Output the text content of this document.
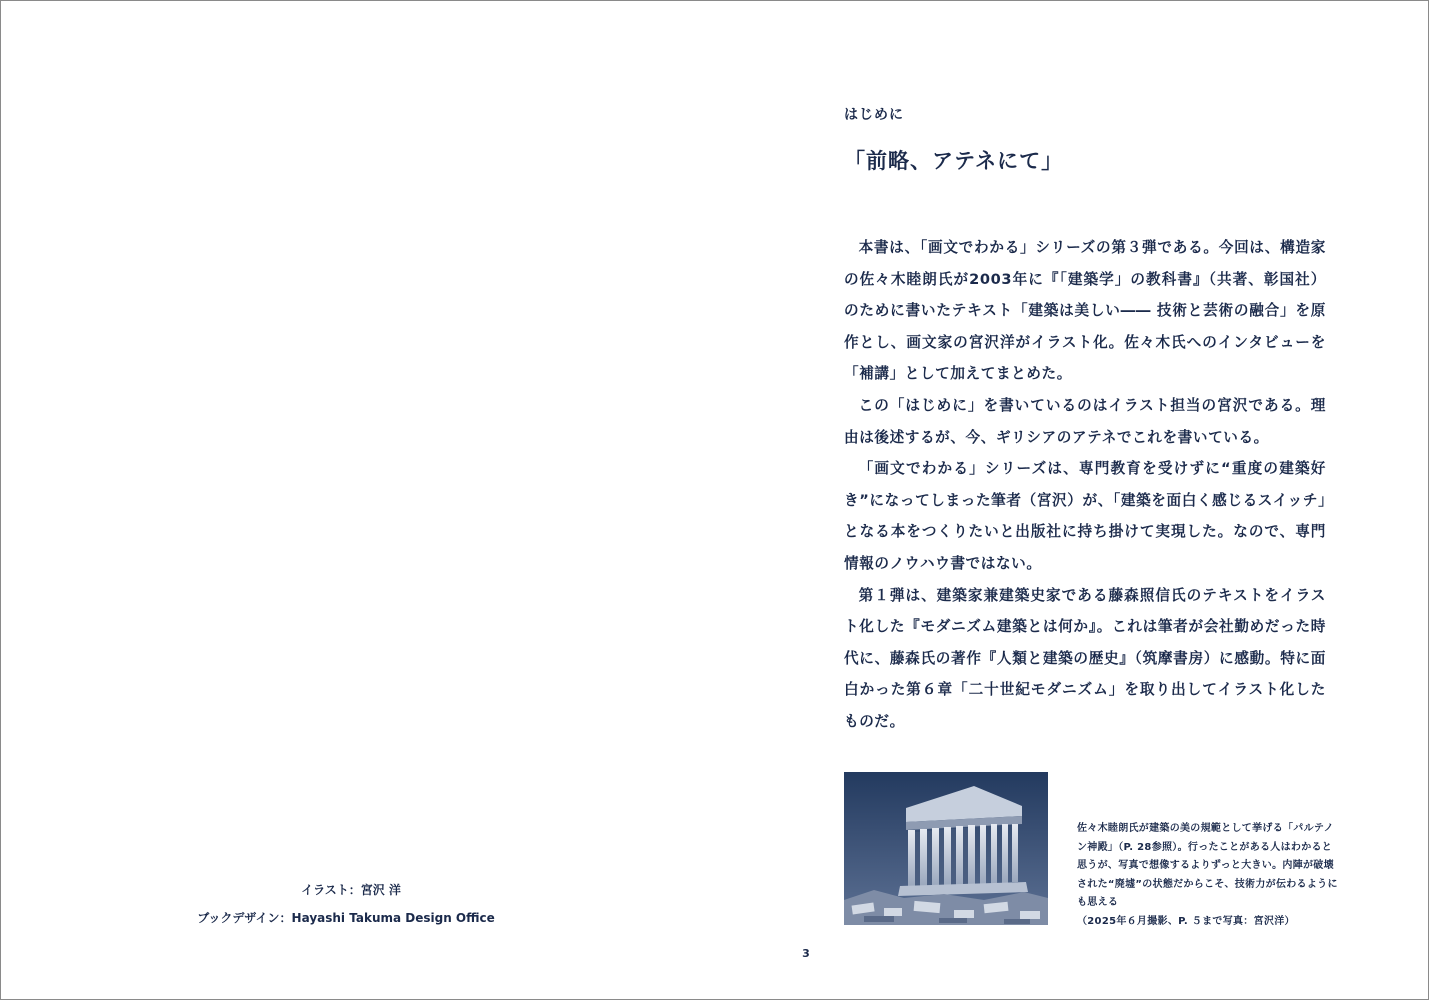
イラスト：宮沢 洋
ブックデザイン：Hayashi Takuma Design Office
はじめに
「前略、アテネにて」

本書は、「画文でわかる」シリーズの第３弾である。今回は、構造家の佐々木睦朗氏が2003年に『「建築学」の教科書』（共著、彰国社）のために書いたテキスト「建築は美しい―― 技術と芸術の融合」を原作とし、画文家の宮沢洋がイラスト化。佐々木氏へのインタビューを「補講」として加えてまとめた。

この「はじめに」を書いているのはイラスト担当の宮沢である。理由は後述するが、今、ギリシアのアテネでこれを書いている。

「画文でわかる」シリーズは、専門教育を受けずに“重度の建築好き”になってしまった筆者（宮沢）が、「建築を面白く感じるスイッチ」となる本をつくりたいと出版社に持ち掛けて実現した。なので、専門情報のノウハウ書ではない。

第１弾は、建築家兼建築史家である藤森照信氏のテキストをイラスト化した『モダニズム建築とは何か』。これは筆者が会社勤めだった時代に、藤森氏の著作『人類と建築の歴史』（筑摩書房）に感動。特に面白かった第６章「二十世紀モダニズム」を取り出してイラスト化したものだ。

佐々木睦朗氏が建築の美の規範として挙げる「パルテノン神殿」（P. 28参照）。行ったことがある人はわかると思うが、写真で想像するよりずっと大きい。内陣が破壊された“廃墟”の状態だからこそ、技術力が伝わるようにも思える

（2025年６月撮影、P. ５まで写真：宮沢洋）

3
